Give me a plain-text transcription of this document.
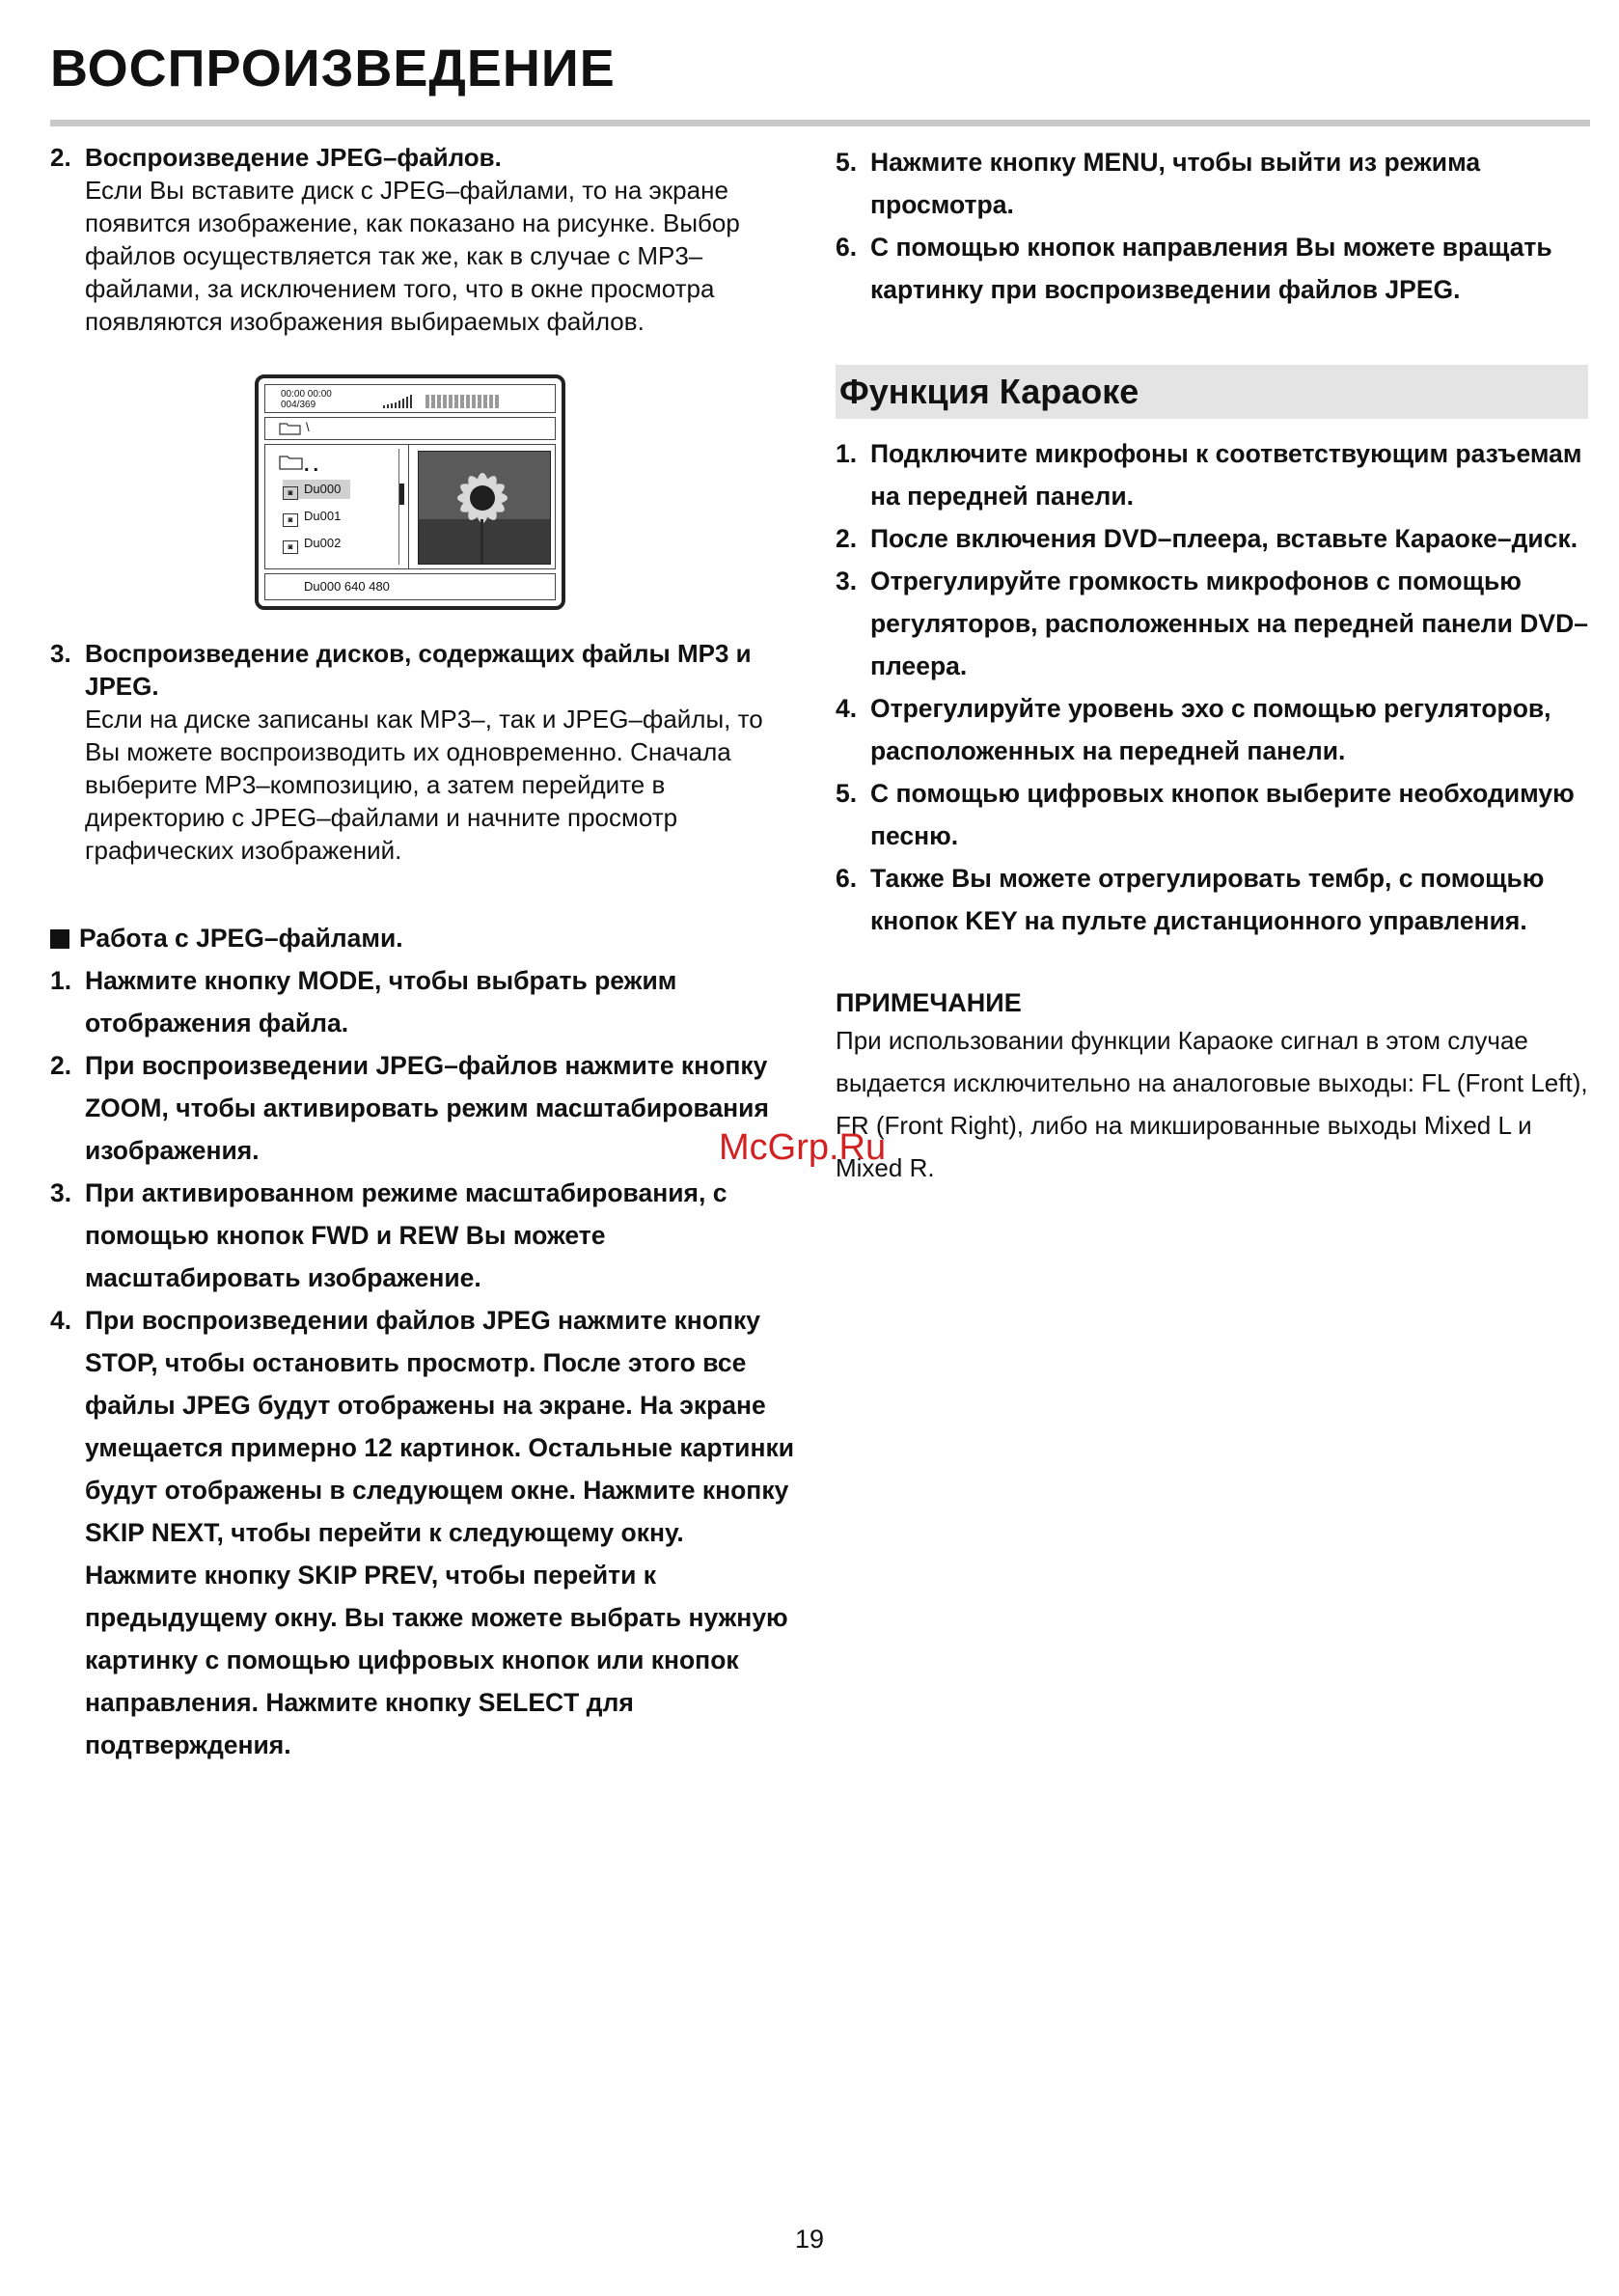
ВОСПРОИЗВЕДЕНИЕ

2. Воспроизведение JPEG–файлов.

Если Вы вставите диск с JPEG–файлами, то на экране появится изображение, как показано на рисунке. Выбор файлов осуществляется так же, как в случае с MP3–файлами, за исключением того, что в окне просмотра появляются изображения выбираемых файлов.

00:00 00:00
004/369
\
..
◙ Du000
◙ Du001
◙ Du002
Du000 640 480

3. Воспроизведение дисков, содержащих файлы MP3 и JPEG.

Если на диске записаны как MP3–, так и JPEG–файлы, то Вы можете воспроизводить их одновременно. Сначала выберите MP3–композицию, а затем перейдите в директорию с JPEG–файлами и начните просмотр графических изображений.

Работа с JPEG–файлами.

1. Нажмите кнопку MODE, чтобы выбрать режим отображения файла.
2. При воспроизведении JPEG–файлов нажмите кнопку ZOOM, чтобы активировать режим масштабирования изображения.
3. При активированном режиме масштабирования, с помощью кнопок FWD и REW Вы можете масштабировать изображение.
4. При воспроизведении файлов JPEG нажмите кнопку STOP, чтобы остановить просмотр. После этого все файлы JPEG будут отображены на экране. На экране умещается примерно 12 картинок. Остальные картинки будут отображены в следующем окне. Нажмите кнопку SKIP NEXT, чтобы перейти к следующему окну. Нажмите кнопку SKIP PREV, чтобы перейти к предыдущему окну. Вы также можете выбрать нужную картинку с помощью цифровых кнопок или кнопок направления. Нажмите кнопку SELECT для подтверждения.
5. Нажмите кнопку MENU, чтобы выйти из режима просмотра.
6. С помощью кнопок направления Вы можете вращать картинку при воспроизведении файлов JPEG.
Функция Караоке
1. Подключите микрофоны к соответствующим разъемам на передней панели.
2. После включения DVD–плеера, вставьте Караоке–диск.
3. Отрегулируйте громкость микрофонов с помощью регуляторов, расположенных на передней панели DVD–плеера.
4. Отрегулируйте уровень эхо с помощью регуляторов, расположенных на передней панели.
5. С помощью цифровых кнопок выберите необходимую песню.
6. Также Вы можете отрегулировать тембр, с помощью кнопок KEY на пульте дистанционного управления.

ПРИМЕЧАНИЕ

При использовании функции Караоке сигнал в этом случае выдается исключительно на аналоговые выходы: FL (Front Left), FR (Front Right), либо на микшированные выходы Mixed L и Mixed R.

McGrp.Ru
19
